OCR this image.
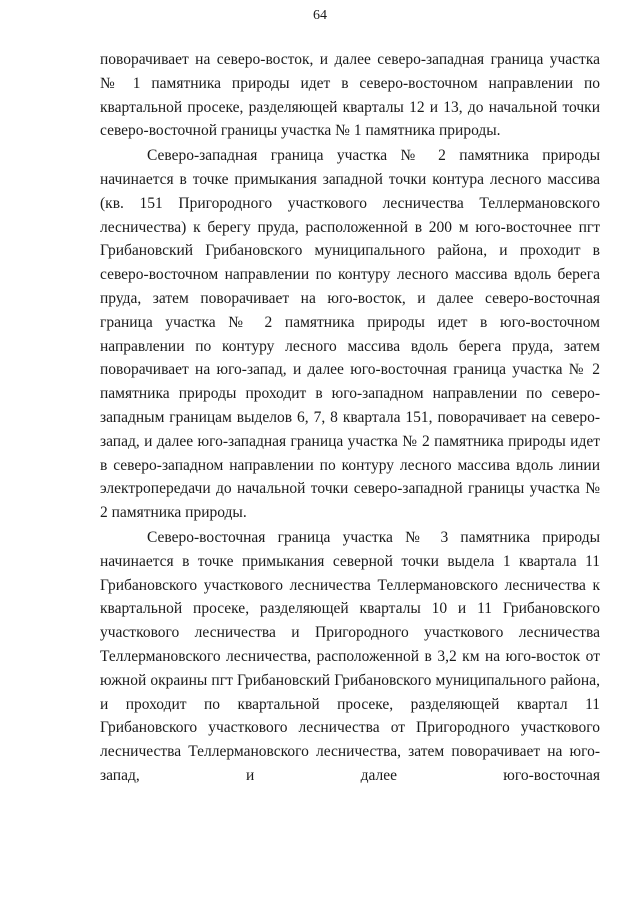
64

поворачивает на северо-восток, и далее северо-западная граница участка № 1 памятника природы идет в северо-восточном направлении по квартальной просеке, разделяющей кварталы 12 и 13, до начальной точки северо-восточной границы участка № 1 памятника природы.

Северо-западная граница участка № 2 памятника природы начинается в точке примыкания западной точки контура лесного массива (кв. 151 Пригородного участкового лесничества Теллермановского лесничества) к берегу пруда, расположенной в 200 м юго-восточнее пгт Грибановский Грибановского муниципального района, и проходит в северо-восточном направлении по контуру лесного массива вдоль берега пруда, затем поворачивает на юго-восток, и далее северо-восточная граница участка № 2 памятника природы идет в юго-восточном направлении по контуру лесного массива вдоль берега пруда, затем поворачивает на юго-запад, и далее юго-восточная граница участка № 2 памятника природы проходит в юго-западном направлении по северо-западным границам выделов 6, 7, 8 квартала 151, поворачивает на северо-запад, и далее юго-западная граница участка № 2 памятника природы идет в северо-западном направлении по контуру лесного массива вдоль линии электропередачи до начальной точки северо-западной границы участка № 2 памятника природы.

Северо-восточная граница участка № 3 памятника природы начинается в точке примыкания северной точки выдела 1 квартала 11 Грибановского участкового лесничества Теллермановского лесничества к квартальной просеке, разделяющей кварталы 10 и 11 Грибановского участкового лесничества и Пригородного участкового лесничества Теллермановского лесничества, расположенной в 3,2 км на юго-восток от южной окраины пгт Грибановский Грибановского муниципального района, и проходит по квартальной просеке, разделяющей квартал 11 Грибановского участкового лесничества от Пригородного участкового лесничества Теллермановского лесничества, затем поворачивает на юго-запад, и далее юго-восточная
